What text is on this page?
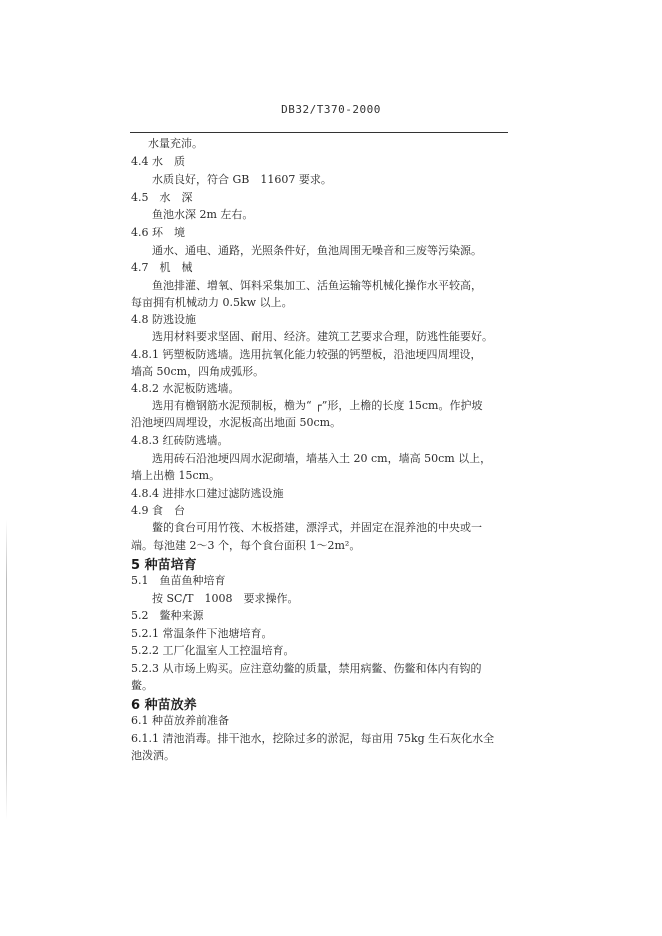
DB32/T370-2000
水量充沛。
4.4 水　质
水质良好，符合 GB　11607 要求。
4.5　水　深
鱼池水深 2m 左右。
4.6 环　境
通水、通电、通路，光照条件好，鱼池周围无噪音和三废等污染源。
4.7　机　械
鱼池排灌、增氧、饵料采集加工、活鱼运输等机械化操作水平较高，
每亩拥有机械动力 0.5kw 以上。
4.8 防逃设施
选用材料要求坚固、耐用、经济。建筑工艺要求合理，防逃性能要好。
4.8.1 钙塑板防逃墙。选用抗氧化能力较强的钙塑板，沿池埂四周埋设，
墙高 50cm，四角成弧形。
4.8.2 水泥板防逃墙。
选用有檐钢筋水泥预制板，檐为“ ┌”形，上檐的长度 15cm。作护坡
沿池埂四周埋设，水泥板高出地面 50cm。
4.8.3 红砖防逃墙。
选用砖石沿池埂四周水泥砌墙，墙基入土 20 cm，墙高 50cm 以上，
墙上出檐 15cm。
4.8.4 进排水口建过滤防逃设施
4.9 食　台
鳖的食台可用竹筏、木板搭建，漂浮式，并固定在混养池的中央或一
端。每池建 2～3 个，每个食台面积 1～2m²。
5 种苗培育
5.1　鱼苗鱼种培育
按 SC/T　1008　要求操作。
5.2　鳖种来源
5.2.1 常温条件下池塘培育。
5.2.2 工厂化温室人工控温培育。
5.2.3 从市场上购买。应注意幼鳖的质量，禁用病鳖、伤鳖和体内有钩的
鳖。
6 种苗放养
6.1 种苗放养前准备
6.1.1 清池消毒。排干池水，挖除过多的淤泥，每亩用 75kg 生石灰化水全
池泼洒。
